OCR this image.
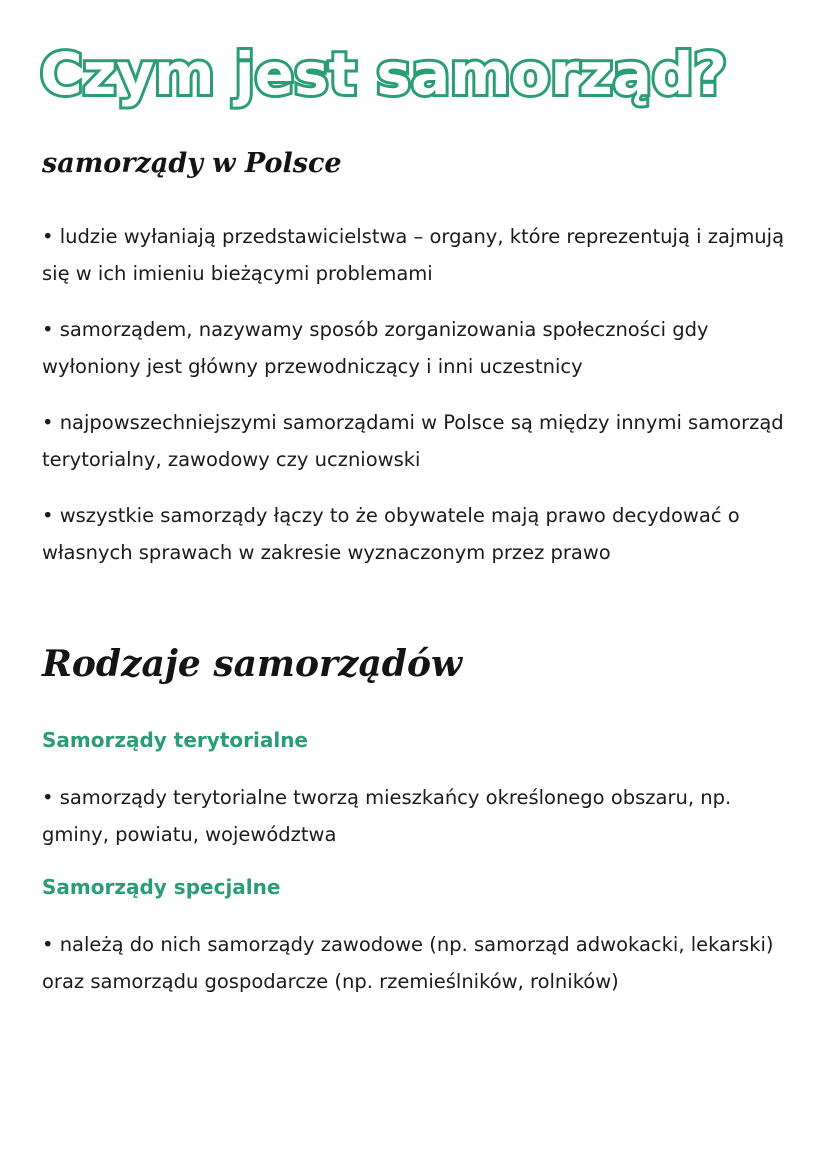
Czym jest samorząd?
samorządy w Polsce

• ludzie wyłaniają przedstawicielstwa – organy, które reprezentują i zajmują się w ich imieniu bieżącymi problemami

• samorządem, nazywamy sposób zorganizowania społeczności gdy wyłoniony jest główny przewodniczący i inni uczestnicy

• najpowszechniejszymi samorządami w Polsce są między innymi samorząd terytorialny, zawodowy czy uczniowski

• wszystkie samorządy łączy to że obywatele mają prawo decydować o własnych sprawach w zakresie wyznaczonym przez prawo

Rodzaje samorządów
Samorządy terytorialne

• samorządy terytorialne tworzą mieszkańcy określonego obszaru, np. gminy, powiatu, województwa

Samorządy specjalne

• należą do nich samorządy zawodowe (np. samorząd adwokacki, lekarski) oraz samorządu gospodarcze (np. rzemieślników, rolników)
